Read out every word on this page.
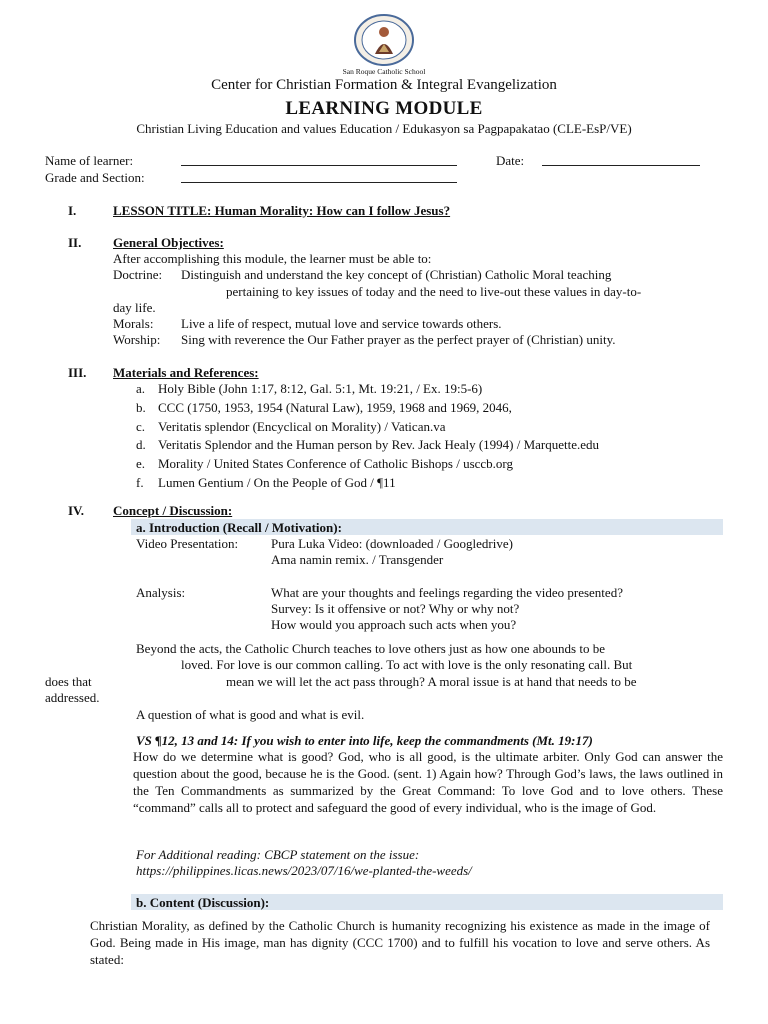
San Roque Catholic School
Center for Christian Formation & Integral Evangelization
LEARNING MODULE
Christian Living Education and values Education / Edukasyon sa Pagpapakatao (CLE-EsP/VE)
Name of learner:	Date:
Grade and Section:
I.	LESSON TITLE: Human Morality: How can I follow Jesus?
II. General Objectives:
After accomplishing this module, the learner must be able to:
Doctrine: Distinguish and understand the key concept of (Christian) Catholic Moral teaching
pertaining to key issues of today and the need to live-out these values in day-to-
day life.
Morals: Live a life of respect, mutual love and service towards others.
Worship: Sing with reverence the Our Father prayer as the perfect prayer of (Christian) unity.
III. Materials and References:
a. Holy Bible (John 1:17, 8:12, Gal. 5:1, Mt. 19:21, / Ex. 19:5-6)
b. CCC (1750, 1953, 1954 (Natural Law), 1959, 1968 and 1969, 2046,
c. Veritatis splendor (Encyclical on Morality) / Vatican.va
d. Veritatis Splendor and the Human person by Rev. Jack Healy (1994) / Marquette.edu
e. Morality / United States Conference of Catholic Bishops / usccb.org
f. Lumen Gentium / On the People of God / ¶11
IV. Concept / Discussion:
a. Introduction (Recall / Motivation):
Video Presentation:	Pura Luka Video: (downloaded / Googledrive)
Ama namin remix. / Transgender
Analysis:	What are your thoughts and feelings regarding the video presented?
Survey: Is it offensive or not? Why or why not?
How would you approach such acts when you?
Beyond the acts, the Catholic Church teaches to love others just as how one abounds to be
loved. For love is our common calling. To act with love is the only resonating call. But
does that	mean we will let the act pass through? A moral issue is at hand that needs to be
addressed.
A question of what is good and what is evil.
VS ¶12, 13 and 14: If you wish to enter into life, keep the commandments (Mt. 19:17)
How do we determine what is good? God, who is all good, is the ultimate arbiter. Only God can answer the question about the good, because he is the Good. (sent. 1) Again how? Through God’s laws, the laws outlined in the Ten Commandments as summarized by the Great Command: To love God and to love others. These “command” calls all to protect and safeguard the good of every individual, who is the image of God.
For Additional reading: CBCP statement on the issue:
https://philippines.licas.news/2023/07/16/we-planted-the-weeds/
b. Content (Discussion):
Christian Morality, as defined by the Catholic Church is humanity recognizing his existence as made in the image of God. Being made in His image, man has dignity (CCC 1700) and to fulfill his vocation to love and serve others. As stated:
